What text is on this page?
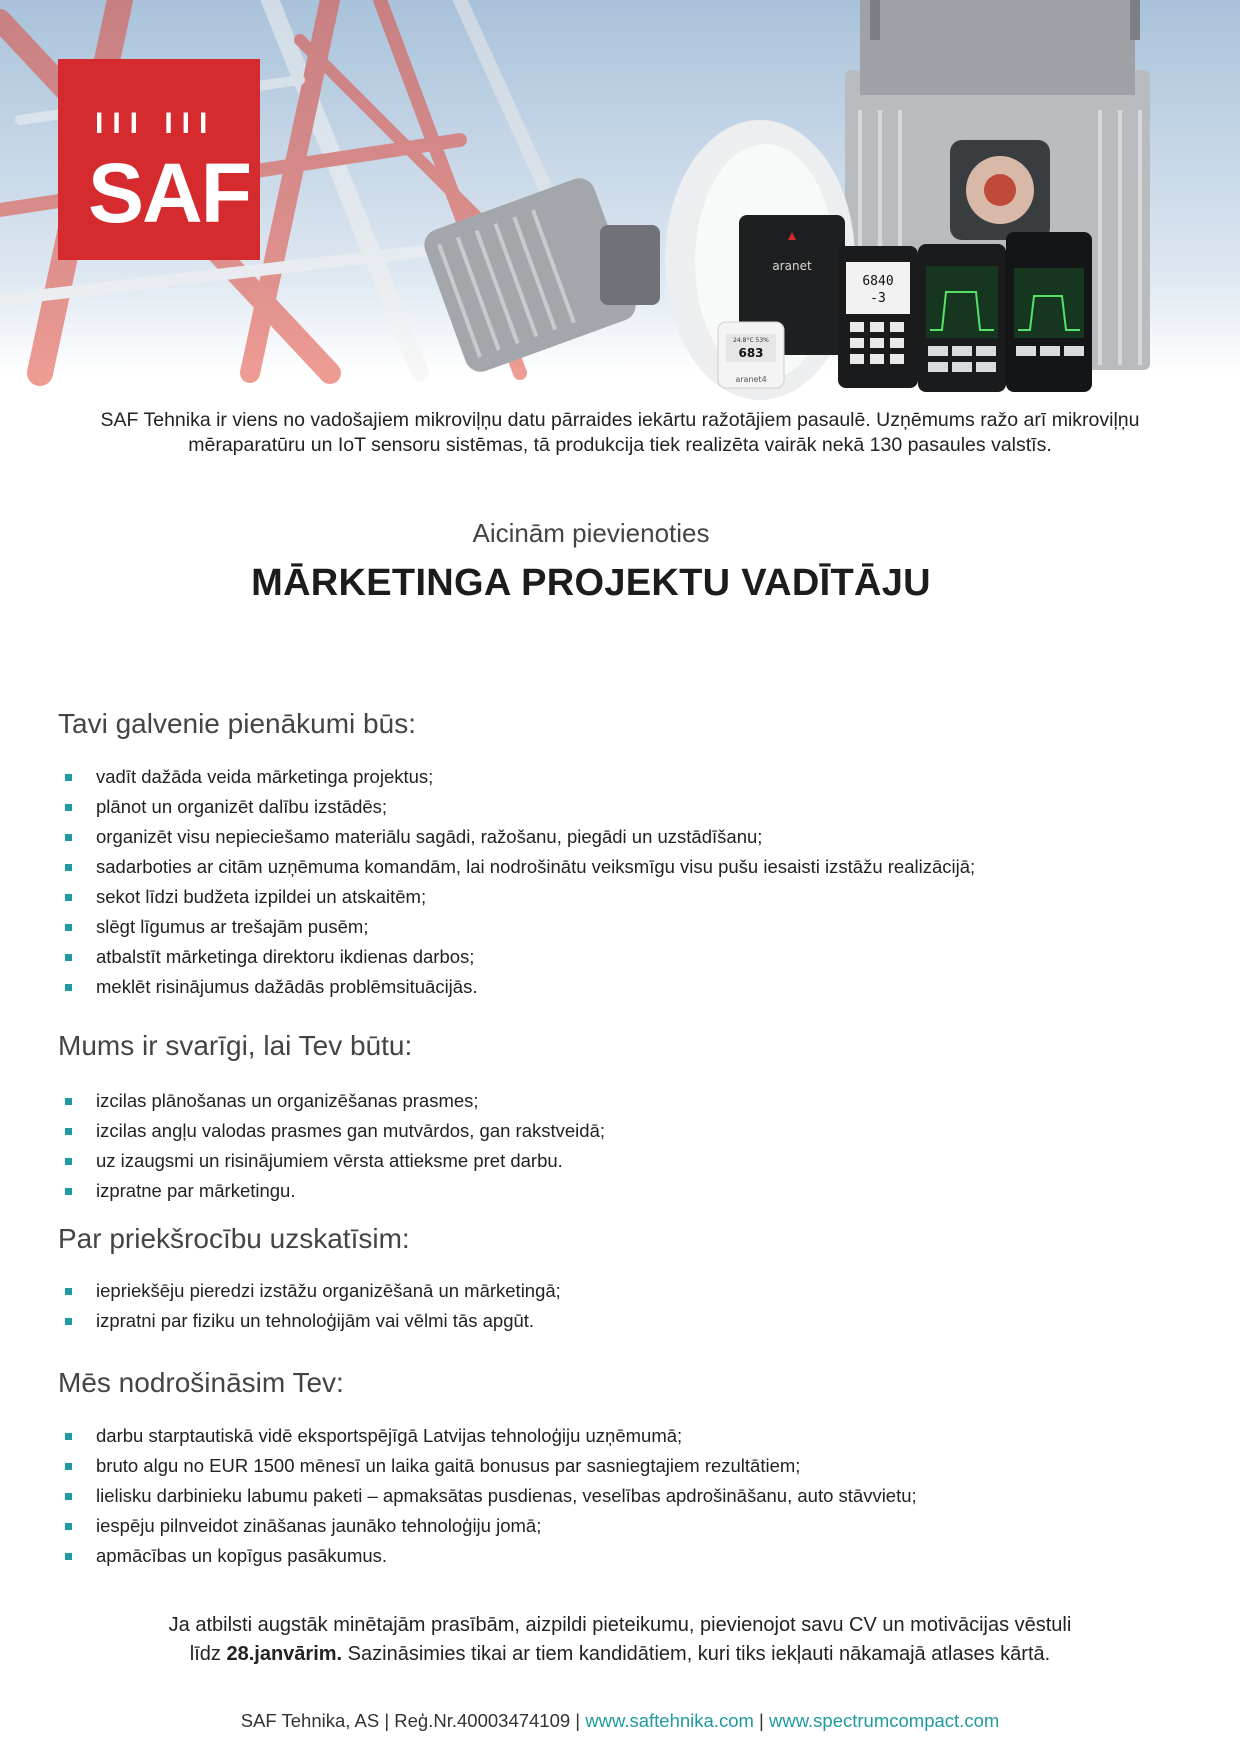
aranet
24.8°C 53%
683
aranet4
6840
-3
III III
SAF
SAF Tehnika ir viens no vadošajiem mikroviļņu datu pārraides iekārtu ražotājiem pasaulē. Uzņēmums ražo arī mikroviļņu mēraparatūru un IoT sensoru sistēmas, tā produkcija tiek realizēta vairāk nekā 130 pasaules valstīs.
Aicinām pievienoties
MĀRKETINGA PROJEKTU VADĪTĀJU
Tavi galvenie pienākumi būs:
vadīt dažāda veida mārketinga projektus;
plānot un organizēt dalību izstādēs;
organizēt visu nepieciešamo materiālu sagādi, ražošanu, piegādi un uzstādīšanu;
sadarboties ar citām uzņēmuma komandām, lai nodrošinātu veiksmīgu visu pušu iesaisti izstāžu realizācijā;
sekot līdzi budžeta izpildei un atskaitēm;
slēgt līgumus ar trešajām pusēm;
atbalstīt mārketinga direktoru ikdienas darbos;
meklēt risinājumus dažādās problēmsituācijās.
Mums ir svarīgi, lai Tev būtu:
izcilas plānošanas un organizēšanas prasmes;
izcilas angļu valodas prasmes gan mutvārdos, gan rakstveidā;
uz izaugsmi un risinājumiem vērsta attieksme pret darbu.
izpratne par mārketingu.
Par priekšrocību uzskatīsim:
iepriekšēju pieredzi izstāžu organizēšanā un mārketingā;
izpratni par fiziku un tehnoloģijām vai vēlmi tās apgūt.
Mēs nodrošināsim Tev:
darbu starptautiskā vidē eksportspējīgā Latvijas tehnoloģiju uzņēmumā;
bruto algu no EUR 1500 mēnesī un laika gaitā bonusus par sasniegtajiem rezultātiem;
lielisku darbinieku labumu paketi – apmaksātas pusdienas, veselības apdrošināšanu, auto stāvvietu;
iespēju pilnveidot zināšanas jaunāko tehnoloģiju jomā;
apmācības un kopīgus pasākumus.
Ja atbilsti augstāk minētajām prasībām, aizpildi pieteikumu, pievienojot savu CV un motivācijas vēstuli
līdz 28.janvārim. Sazināsimies tikai ar tiem kandidātiem, kuri tiks iekļauti nākamajā atlases kārtā.
SAF Tehnika, AS | Reģ.Nr.40003474109 | www.saftehnika.com | www.spectrumcompact.com
